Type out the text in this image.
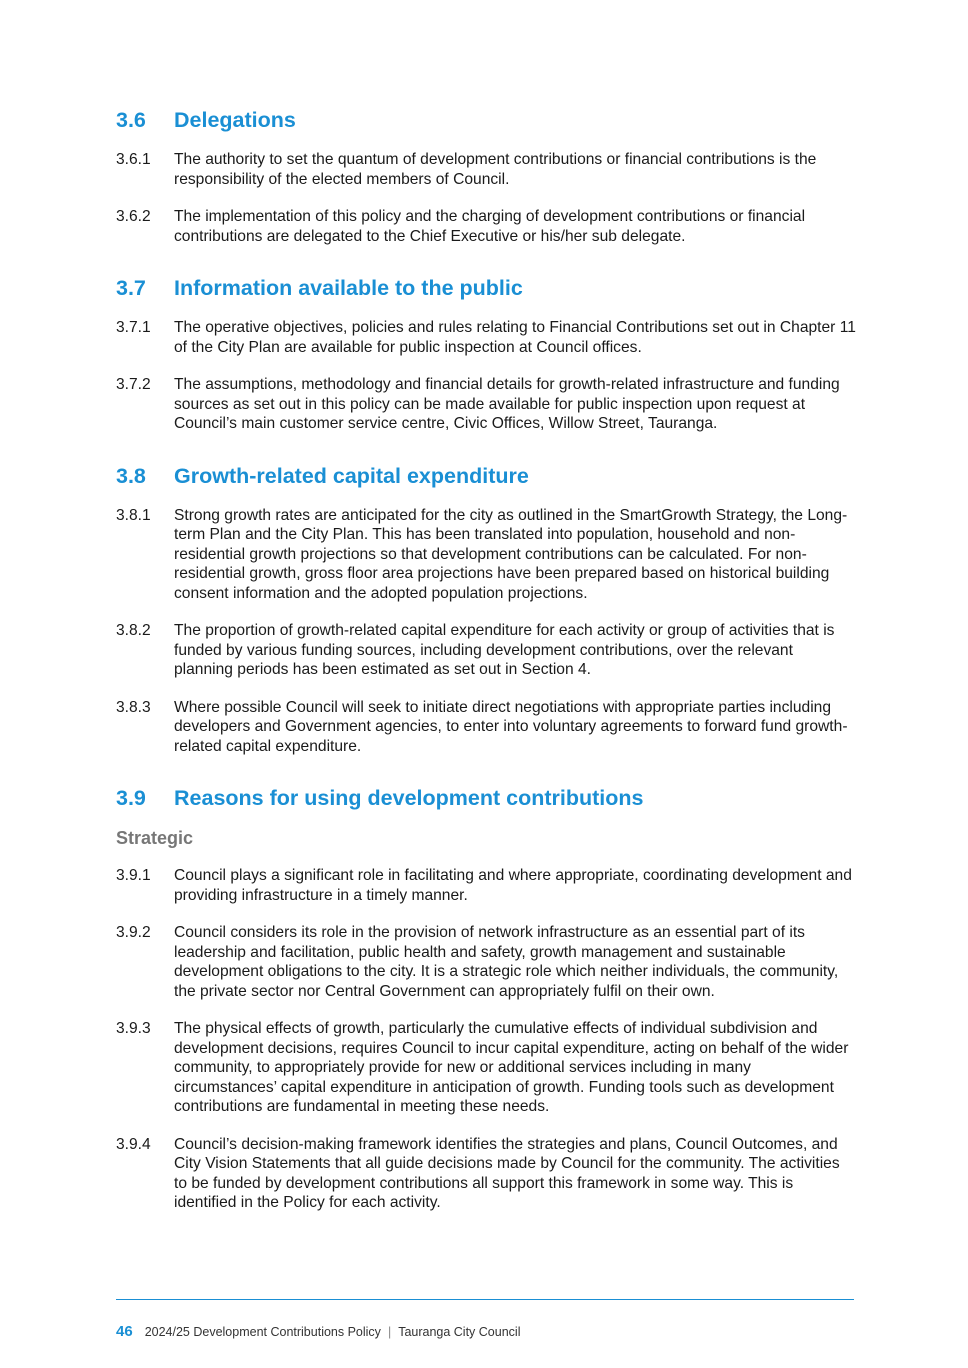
3.6	Delegations
3.6.1	The authority to set the quantum of development contributions or financial contributions is the responsibility of the elected members of Council.
3.6.2	The implementation of this policy and the charging of development contributions or financial contributions are delegated to the Chief Executive or his/her sub delegate.
3.7	Information available to the public
3.7.1	The operative objectives, policies and rules relating to Financial Contributions set out in Chapter 11 of the City Plan are available for public inspection at Council offices.
3.7.2	The assumptions, methodology and financial details for growth-related infrastructure and funding sources as set out in this policy can be made available for public inspection upon request at Council’s main customer service centre, Civic Offices, Willow Street, Tauranga.
3.8	Growth-related capital expenditure
3.8.1	Strong growth rates are anticipated for the city as outlined in the SmartGrowth Strategy, the Long-term Plan and the City Plan. This has been translated into population, household and non-residential growth projections so that development contributions can be calculated. For non-residential growth, gross floor area projections have been prepared based on historical building consent information and the adopted population projections.
3.8.2	The proportion of growth-related capital expenditure for each activity or group of activities that is funded by various funding sources, including development contributions, over the relevant planning periods has been estimated as set out in Section 4.
3.8.3	Where possible Council will seek to initiate direct negotiations with appropriate parties including developers and Government agencies, to enter into voluntary agreements to forward fund growth-related capital expenditure.
3.9	Reasons for using development contributions
Strategic
3.9.1	Council plays a significant role in facilitating and where appropriate, coordinating development and providing infrastructure in a timely manner.
3.9.2	Council considers its role in the provision of network infrastructure as an essential part of its leadership and facilitation, public health and safety, growth management and sustainable development obligations to the city. It is a strategic role which neither individuals, the community, the private sector nor Central Government can appropriately fulfil on their own.
3.9.3	The physical effects of growth, particularly the cumulative effects of individual subdivision and development decisions, requires Council to incur capital expenditure, acting on behalf of the wider community, to appropriately provide for new or additional services including in many circumstances’ capital expenditure in anticipation of growth. Funding tools such as development contributions are fundamental in meeting these needs.
3.9.4	Council’s decision-making framework identifies the strategies and plans, Council Outcomes, and City Vision Statements that all guide decisions made by Council for the community. The activities to be funded by development contributions all support this framework in some way. This is identified in the Policy for each activity.
46 2024/25 Development Contributions Policy | Tauranga City Council
